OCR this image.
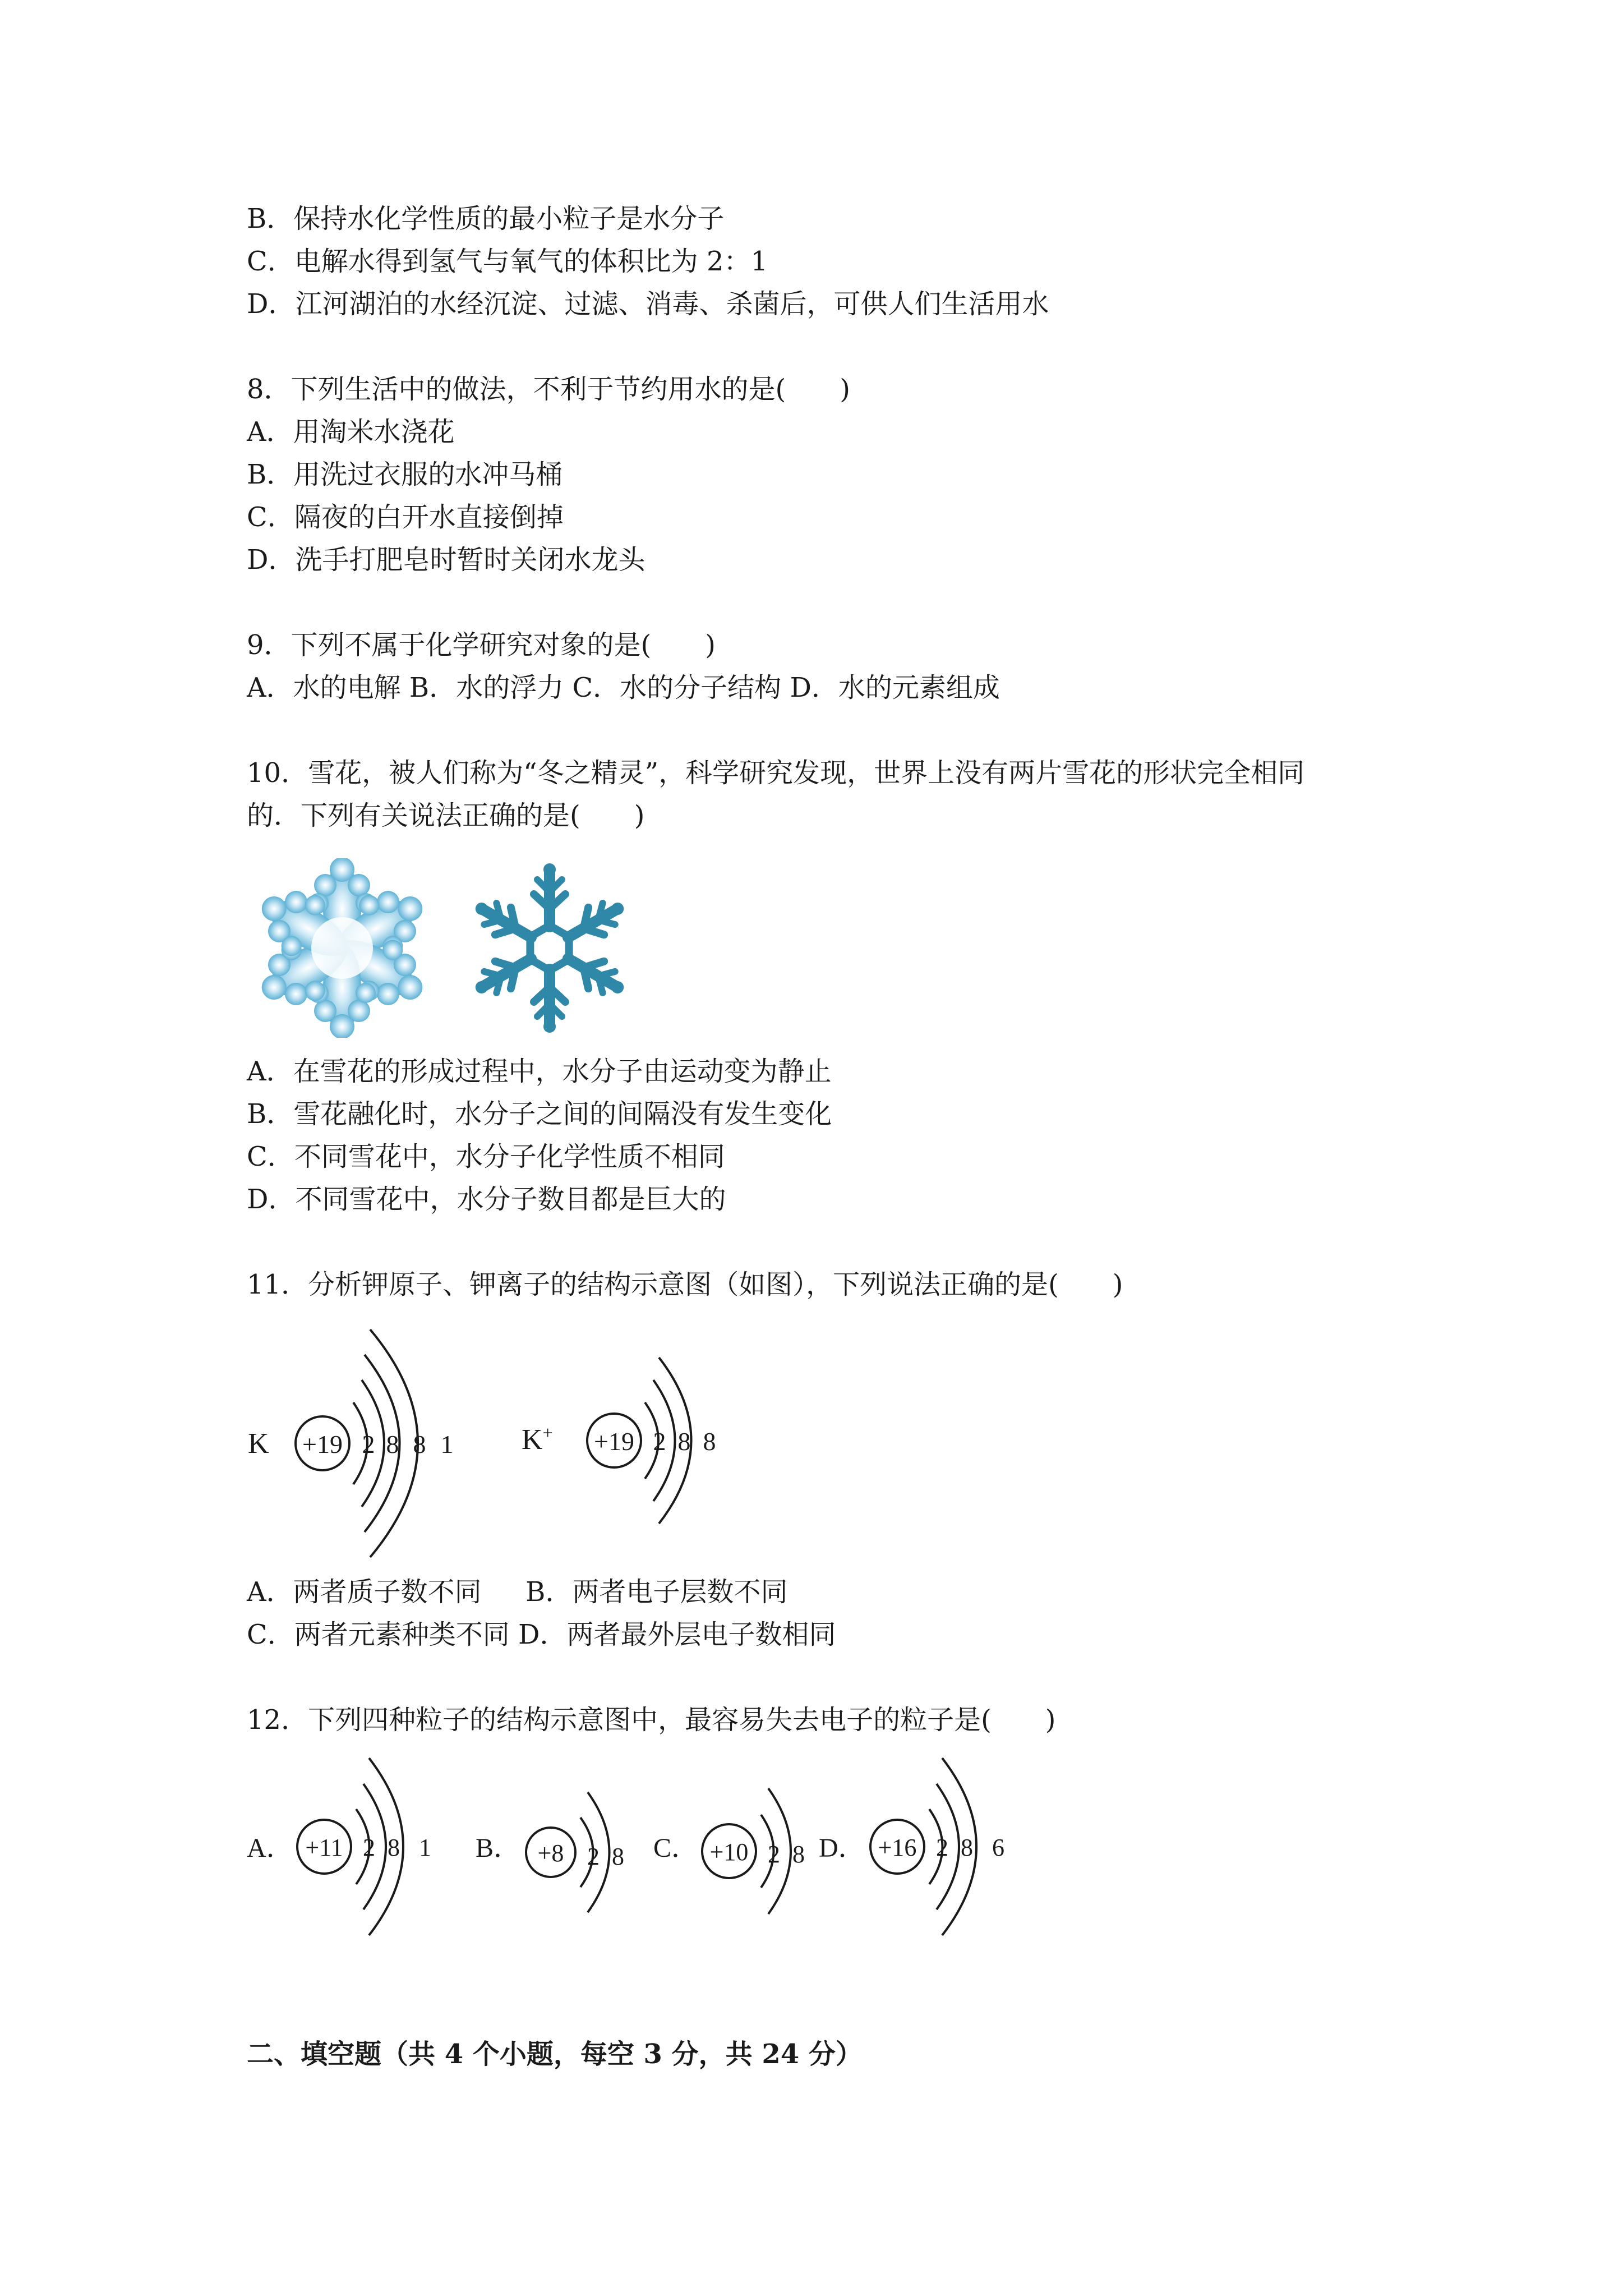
B．保持水化学性质的最小粒子是水分子
C．电解水得到氢气与氧气的体积比为 2：1
D．江河湖泊的水经沉淀、过滤、消毒、杀菌后，可供人们生活用水
8．下列生活中的做法，不利于节约用水的是(　　)
A．用淘米水浇花
B．用洗过衣服的水冲马桶
C．隔夜的白开水直接倒掉
D．洗手打肥皂时暂时关闭水龙头
9．下列不属于化学研究对象的是(　　)
A．水的电解 B．水的浮力 C．水的分子结构 D．水的元素组成
10．雪花，被人们称为“冬之精灵”，科学研究发现，世界上没有两片雪花的形状完全相同
的．下列有关说法正确的是(　　)
A．在雪花的形成过程中，水分子由运动变为静止
B．雪花融化时，水分子之间的间隔没有发生变化
C．不同雪花中，水分子化学性质不相同
D．不同雪花中，水分子数目都是巨大的
11．分析钾原子、钾离子的结构示意图（如图），下列说法正确的是(　　)
K +19 2 8 8 1 K+ +19 2 8 8
A．两者质子数不同　  B．两者电子层数不同
C．两者元素种类不同 D．两者最外层电子数相同
12．下列四种粒子的结构示意图中，最容易失去电子的粒子是(　　)
A． +11 2 8 1 B． +8 2 8 C． +10 2 8 D． +16 2 8 6
二、填空题（共 4 个小题，每空 3 分，共 24 分）
